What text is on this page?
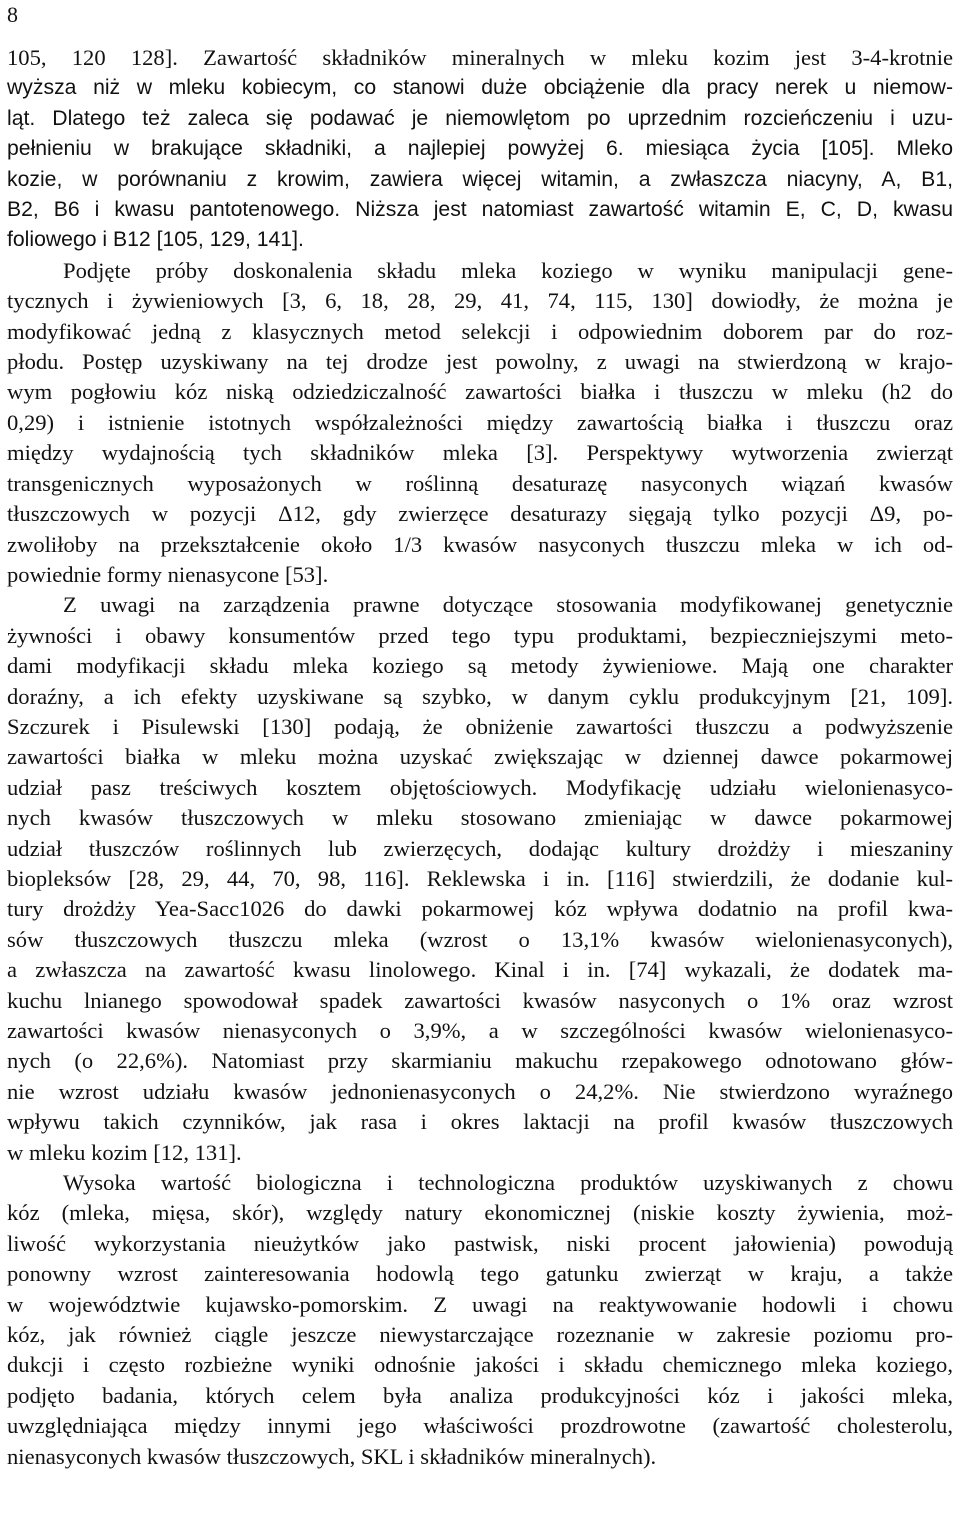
8
105, 120 128]. Zawartość składników mineralnych w mleku kozim jest 3-4-krotnie
wyższa niż w mleku kobiecym, co stanowi duże obciążenie dla pracy nerek u niemow-
ląt. Dlatego też zaleca się podawać je niemowlętom po uprzednim rozcieńczeniu i uzu-
pełnieniu w brakujące składniki, a najlepiej powyżej 6. miesiąca życia [105]. Mleko
kozie, w porównaniu z krowim, zawiera więcej witamin, a zwłaszcza niacyny, A, B1,
B2, B6 i kwasu pantotenowego. Niższa jest natomiast zawartość witamin E, C, D, kwasu
foliowego i B12 [105, 129, 141].
Podjęte próby doskonalenia składu mleka koziego w wyniku manipulacji gene-
tycznych i żywieniowych [3, 6, 18, 28, 29, 41, 74, 115, 130] dowiodły, że można je
modyfikować jedną z klasycznych metod selekcji i odpowiednim doborem par do roz-
płodu. Postęp uzyskiwany na tej drodze jest powolny, z uwagi na stwierdzoną w krajo-
wym pogłowiu kóz niską odziedziczalność zawartości białka i tłuszczu w mleku (h2 do
0,29) i istnienie istotnych współzależności między zawartością białka i tłuszczu oraz
między wydajnością tych składników mleka [3]. Perspektywy wytworzenia zwierząt
transgenicznych wyposażonych w roślinną desaturazę nasyconych wiązań kwasów
tłuszczowych w pozycji Δ12, gdy zwierzęce desaturazy sięgają tylko pozycji Δ9, po-
zwoliłoby na przekształcenie około 1/3 kwasów nasyconych tłuszczu mleka w ich od-
powiednie formy nienasycone [53].
Z uwagi na zarządzenia prawne dotyczące stosowania modyfikowanej genetycznie
żywności i obawy konsumentów przed tego typu produktami, bezpieczniejszymi meto-
dami modyfikacji składu mleka koziego są metody żywieniowe. Mają one charakter
doraźny, a ich efekty uzyskiwane są szybko, w danym cyklu produkcyjnym [21, 109].
Szczurek i Pisulewski [130] podają, że obniżenie zawartości tłuszczu a podwyższenie
zawartości białka w mleku można uzyskać zwiększając w dziennej dawce pokarmowej
udział pasz treściwych kosztem objętościowych. Modyfikację udziału wielonienasyco-
nych kwasów tłuszczowych w mleku stosowano zmieniając w dawce pokarmowej
udział tłuszczów roślinnych lub zwierzęcych, dodając kultury drożdży i mieszaniny
biopleksów [28, 29, 44, 70, 98, 116]. Reklewska i in. [116] stwierdzili, że dodanie kul-
tury drożdży Yea-Sacc1026 do dawki pokarmowej kóz wpływa dodatnio na profil kwa-
sów tłuszczowych tłuszczu mleka (wzrost o 13,1% kwasów wielonienasyconych),
a zwłaszcza na zawartość kwasu linolowego. Kinal i in. [74] wykazali, że dodatek ma-
kuchu lnianego spowodował spadek zawartości kwasów nasyconych o 1% oraz wzrost
zawartości kwasów nienasyconych o 3,9%, a w szczególności kwasów wielonienasyco-
nych (o 22,6%). Natomiast przy skarmianiu makuchu rzepakowego odnotowano głów-
nie wzrost udziału kwasów jednonienasyconych o 24,2%. Nie stwierdzono wyraźnego
wpływu takich czynników, jak rasa i okres laktacji na profil kwasów tłuszczowych
w mleku kozim [12, 131].
Wysoka wartość biologiczna i technologiczna produktów uzyskiwanych z chowu
kóz (mleka, mięsa, skór), względy natury ekonomicznej (niskie koszty żywienia, moż-
liwość wykorzystania nieużytków jako pastwisk, niski procent jałowienia) powodują
ponowny wzrost zainteresowania hodowlą tego gatunku zwierząt w kraju, a także
w województwie kujawsko-pomorskim. Z uwagi na reaktywowanie hodowli i chowu
kóz, jak również ciągle jeszcze niewystarczające rozeznanie w zakresie poziomu pro-
dukcji i często rozbieżne wyniki odnośnie jakości i składu chemicznego mleka koziego,
podjęto badania, których celem była analiza produkcyjności kóz i jakości mleka,
uwzględniająca między innymi jego właściwości prozdrowotne (zawartość cholesterolu,
nienasyconych kwasów tłuszczowych, SKL i składników mineralnych).
